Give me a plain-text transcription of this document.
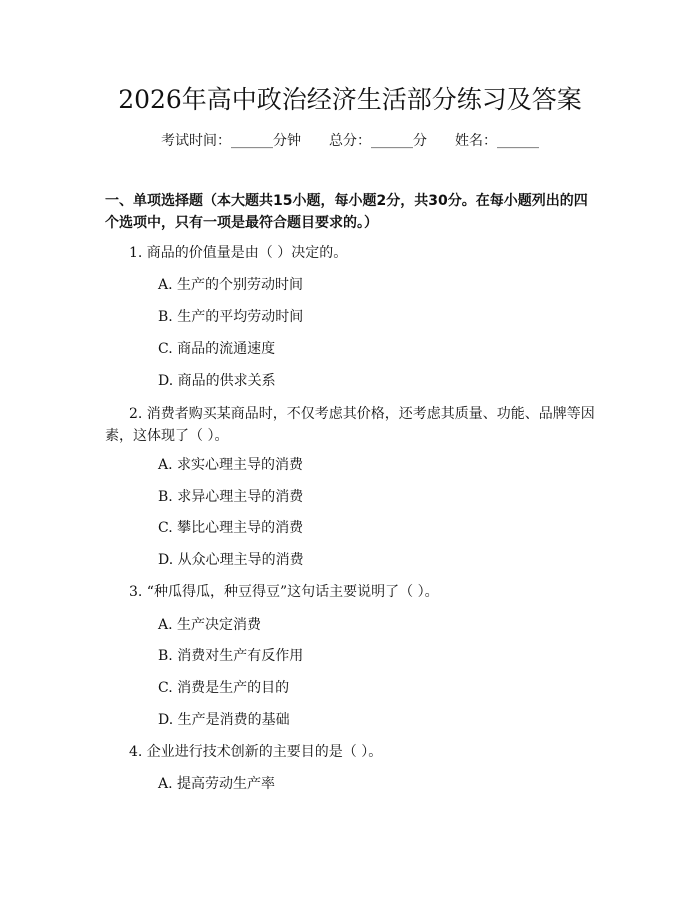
2026年高中政治经济生活部分练习及答案
考试时间：______分钟 总分：______分 姓名：______
一、单项选择题（本大题共15小题，每小题2分，共30分。在每小题列出的四个选项中，只有一项是最符合题目要求的。）
1. 商品的价值量是由（ ）决定的。
A. 生产的个别劳动时间
B. 生产的平均劳动时间
C. 商品的流通速度
D. 商品的供求关系
2. 消费者购买某商品时，不仅考虑其价格，还考虑其质量、功能、品牌等因素，这体现了（ ）。
A. 求实心理主导的消费
B. 求异心理主导的消费
C. 攀比心理主导的消费
D. 从众心理主导的消费
3. “种瓜得瓜，种豆得豆”这句话主要说明了（ ）。
A. 生产决定消费
B. 消费对生产有反作用
C. 消费是生产的目的
D. 生产是消费的基础
4. 企业进行技术创新的主要目的是（ ）。
A. 提高劳动生产率
